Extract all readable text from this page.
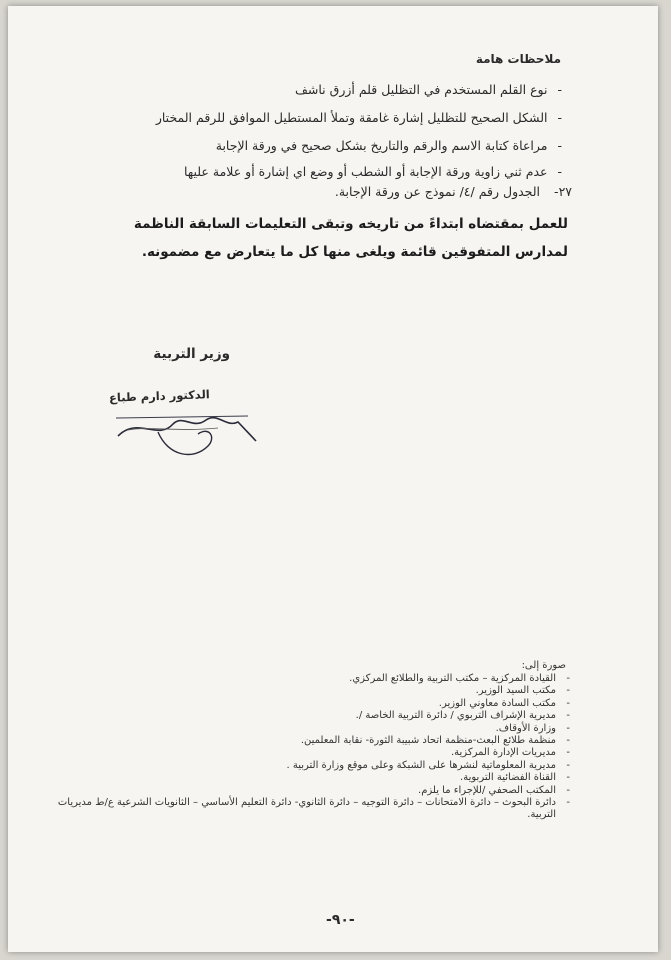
ملاحظات هامة
-نوع القلم المستخدم في التظليل قلم أزرق ناشف
-الشكل الصحيح للتظليل إشارة غامقة وتملأ المستطيل الموافق للرقم المختار
-مراعاة كتابة الاسم والرقم والتاريخ بشكل صحيح في ورقة الإجابة
-عدم ثني زاوية ورقة الإجابة أو الشطب أو وضع اي إشارة أو علامة عليها
٢٧-الجدول رقم /٤/ نموذج عن ورقة الإجابة.
للعمل بمقتضاه ابتداءً من تاريخه وتبقى التعليمات السابقة الناظمة لمدارس المتفوقين قائمة ويلغى منها كل ما يتعارض مع مضمونه.
وزير التربية
الدكتور دارم طباع
صورة إلى:
- القيادة المركزية – مكتب التربية والطلائع المركزي.
- مكتب السيد الوزير.
- مكتب السادة معاوني الوزير.
- مديرية الإشراف التربوي / دائرة التربية الخاصة /.
- وزارة الأوقاف.
- منظمة طلائع البعث-منظمة اتحاد شبيبة الثورة- نقابة المعلمين.
- مديريات الإدارة المركزية.
- مديرية المعلوماتية لنشرها على الشبكة وعلى موقع وزارة التربية .
- القناة الفضائية التربوية.
- المكتب الصحفي /للإجراء ما يلزم.
- دائرة البحوث – دائرة الامتحانات – دائرة التوجيه – دائرة الثانوي- دائرة التعليم الأساسي – الثانويات الشرعية ع/ط مديريات التربية.
-٩٠-
